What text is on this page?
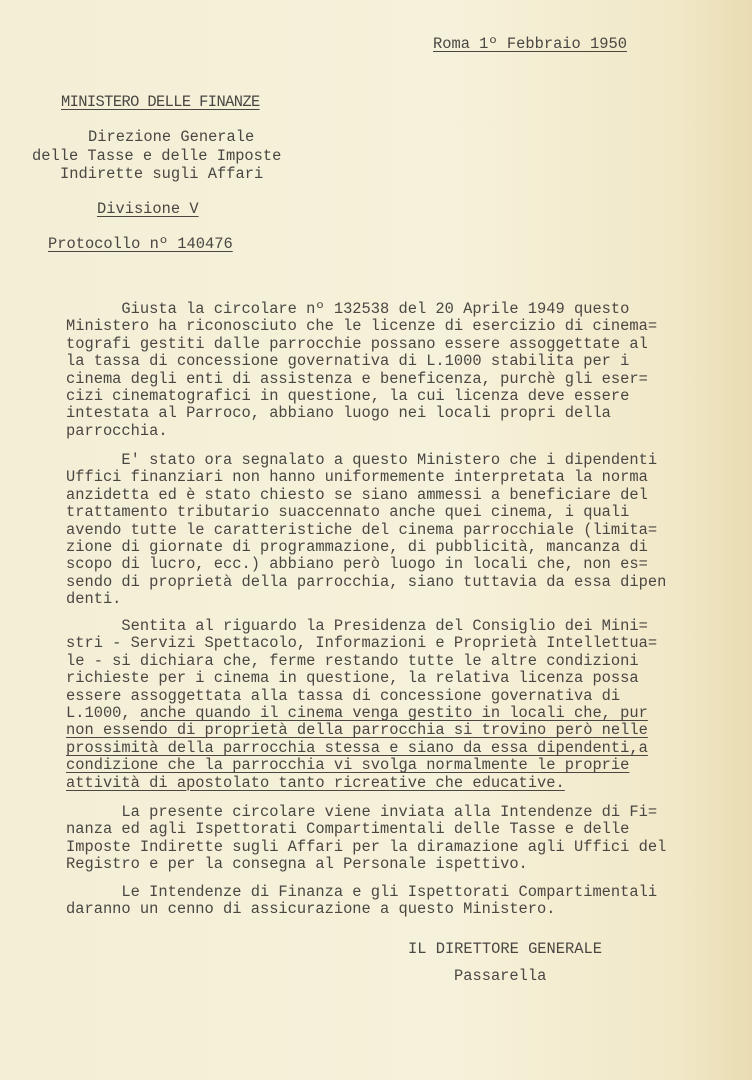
Roma 1º Febbraio 1950
MINISTERO DELLE FINANZE
Direzione Generale
delle Tasse e delle Imposte
Indirette sugli Affari
Divisione V
Protocollo nº 140476
Giusta la circolare nº 132538 del 20 Aprile 1949 questo
Ministero ha riconosciuto che le licenze di esercizio di cinema=
tografi gestiti dalle parrocchie possano essere assoggettate al
la tassa di concessione governativa di L.1000 stabilita per i
cinema degli enti di assistenza e beneficenza, purchè gli eser=
cizi cinematografici in questione, la cui licenza deve essere
intestata al Parroco, abbiano luogo nei locali propri della
parrocchia.
E' stato ora segnalato a questo Ministero che i dipendenti
Uffici finanziari non hanno uniformemente interpretata la norma
anzidetta ed è stato chiesto se siano ammessi a beneficiare del
trattamento tributario suaccennato anche quei cinema, i quali
avendo tutte le caratteristiche del cinema parrocchiale (limita=
zione di giornate di programmazione, di pubblicità, mancanza di
scopo di lucro, ecc.) abbiano però luogo in locali che, non es=
sendo di proprietà della parrocchia, siano tuttavia da essa dipen
denti.
Sentita al riguardo la Presidenza del Consiglio dei Mini=
stri - Servizi Spettacolo, Informazioni e Proprietà Intellettua=
le - si dichiara che, ferme restando tutte le altre condizioni
richieste per i cinema in questione, la relativa licenza possa
essere assoggettata alla tassa di concessione governativa di
L.1000, anche quando il cinema venga gestito in locali che, pur
non essendo di proprietà della parrocchia si trovino però nelle
prossimità della parrocchia stessa e siano da essa dipendenti,a
condizione che la parrocchia vi svolga normalmente le proprie
attività di apostolato tanto ricreative che educative.
La presente circolare viene inviata alla Intendenze di Fi=
nanza ed agli Ispettorati Compartimentali delle Tasse e delle
Imposte Indirette sugli Affari per la diramazione agli Uffici del
Registro e per la consegna al Personale ispettivo.
Le Intendenze di Finanza e gli Ispettorati Compartimentali
daranno un cenno di assicurazione a questo Ministero.
IL DIRETTORE GENERALE
Passarella
